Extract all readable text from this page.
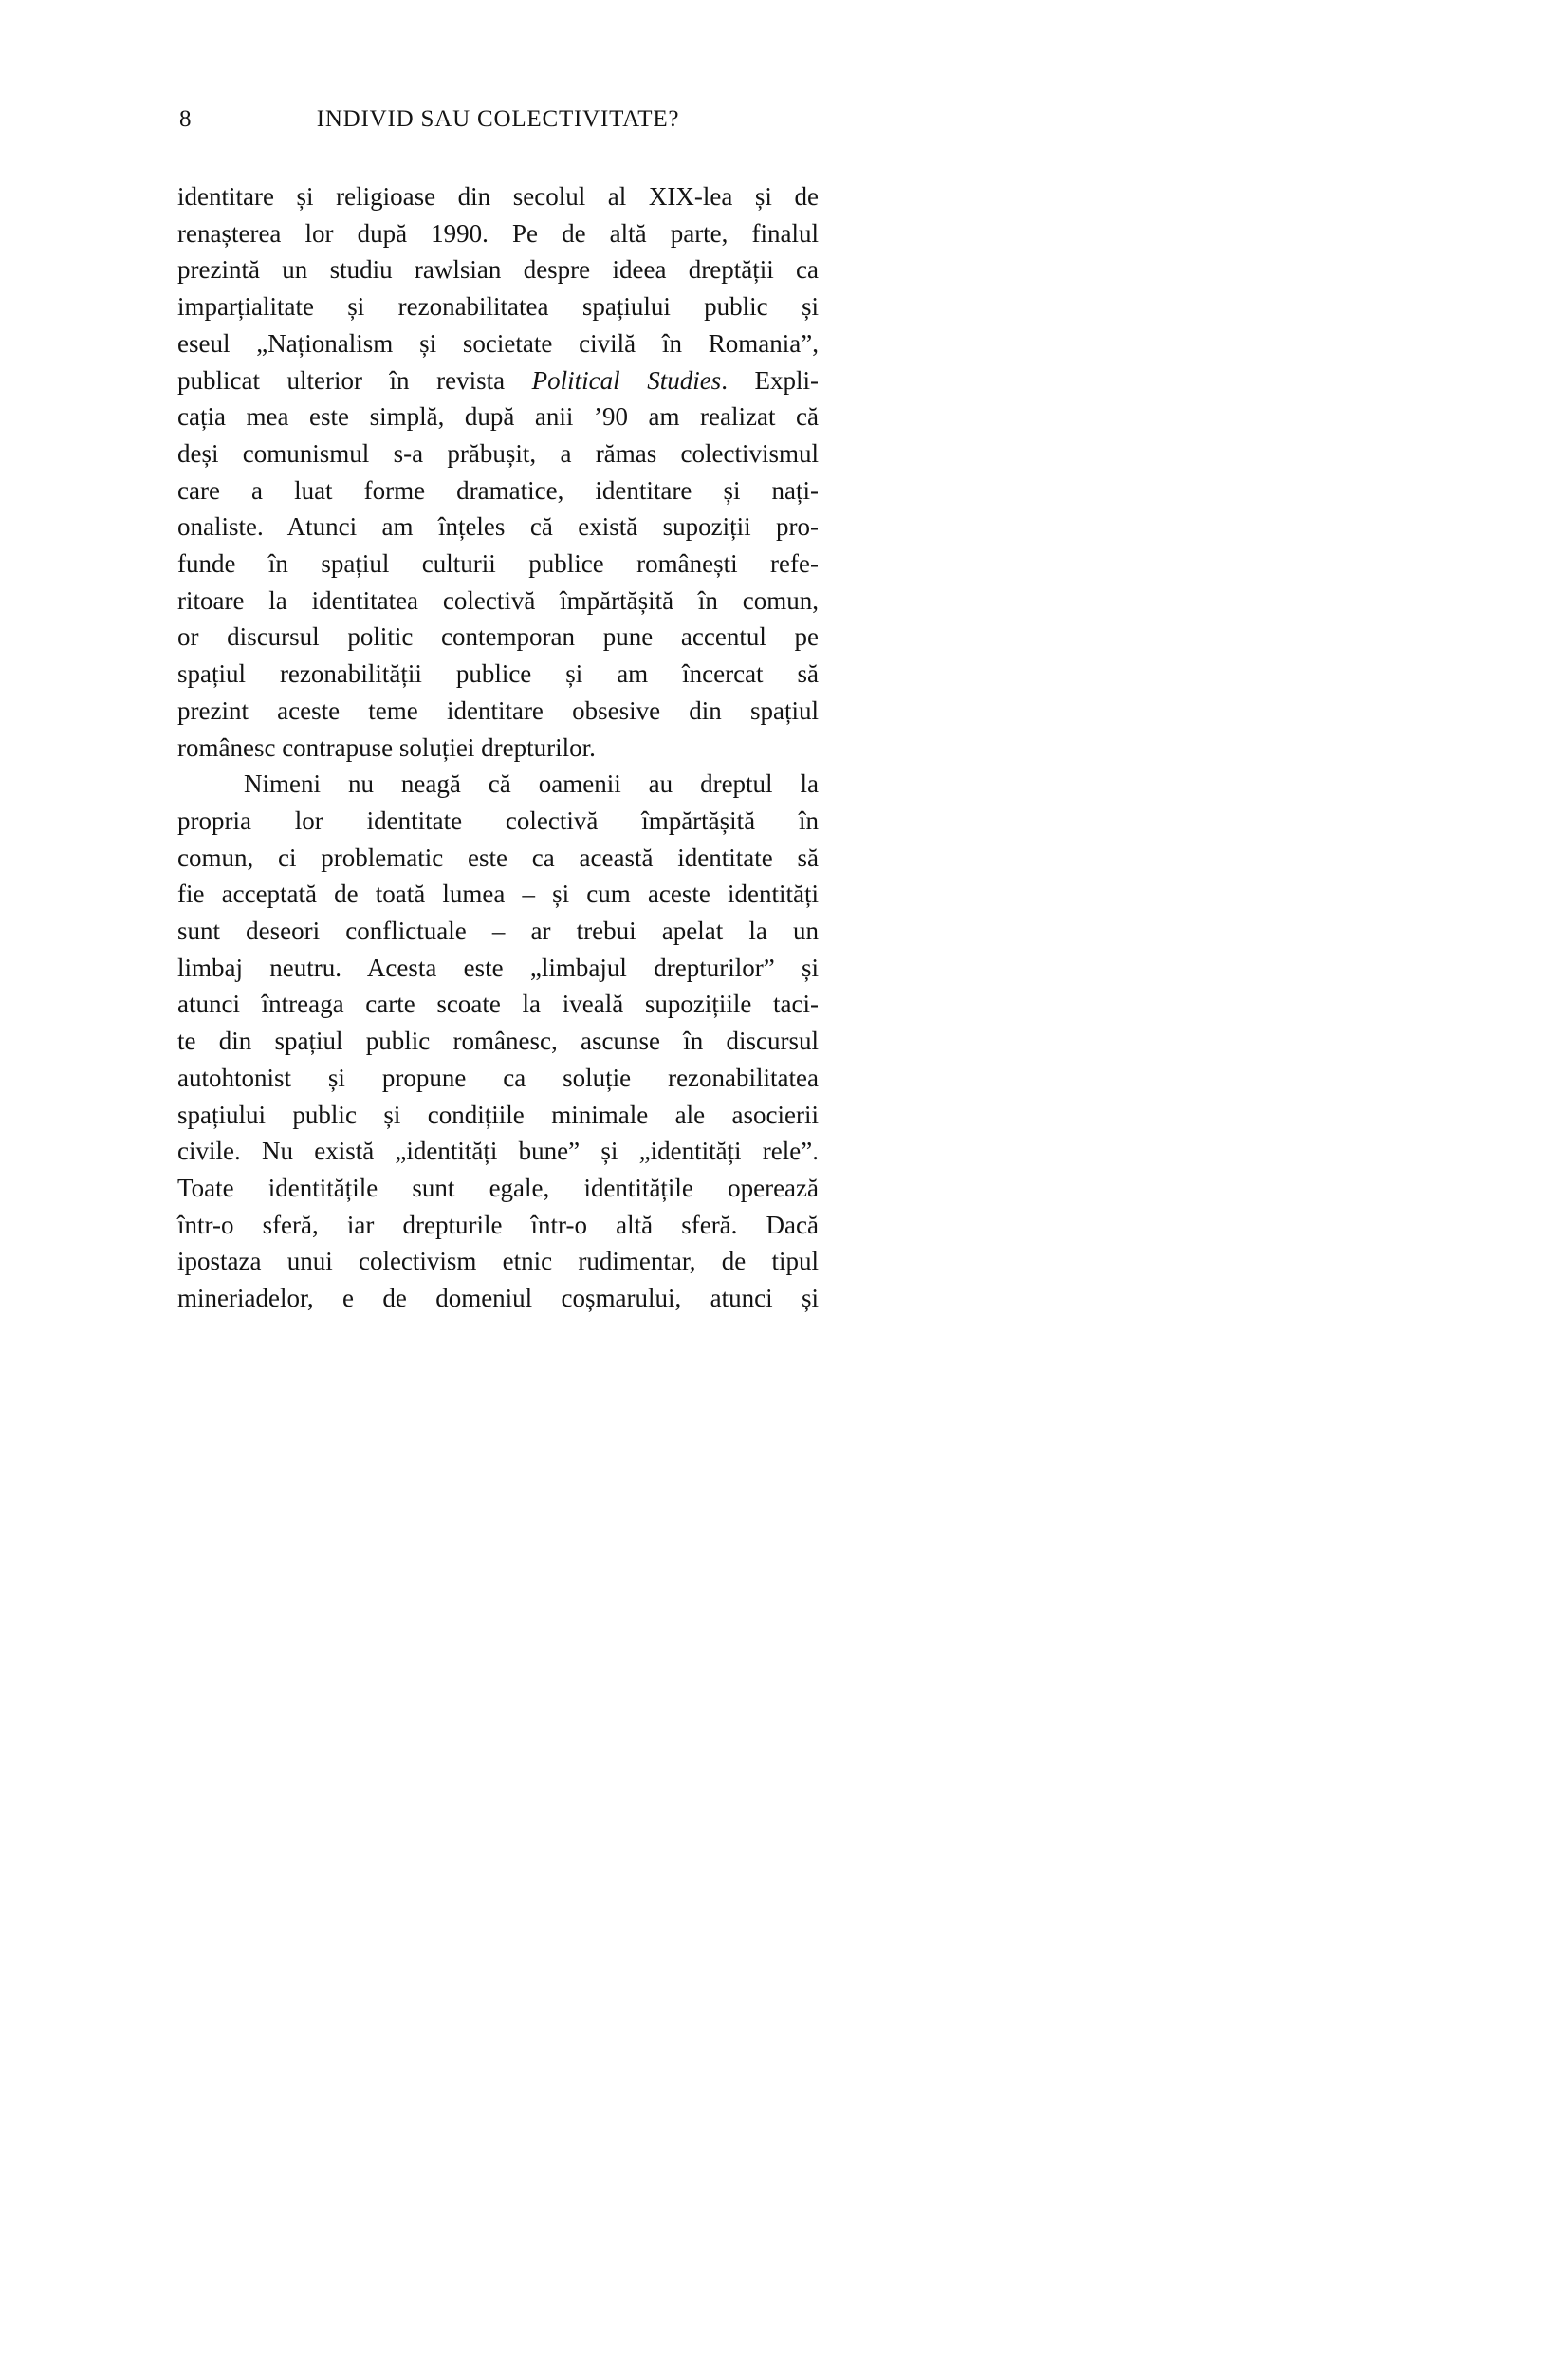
8	INDIVID SAU COLECTIVITATE?
identitare și religioase din secolul al XIX-lea și de
renașterea lor după 1990. Pe de altă parte, finalul
prezintă un studiu rawlsian despre ideea dreptății ca
imparțialitate și rezonabilitatea spațiului public și
eseul „Naționalism și societate civilă în Romania”,
publicat ulterior în revista Political Studies. Expli-
cația mea este simplă, după anii ’90 am realizat că
deși comunismul s-a prăbușit, a rămas colectivismul
care a luat forme dramatice, identitare și nați-
onaliste. Atunci am înțeles că există supoziții pro-
funde în spațiul culturii publice românești refe-
ritoare la identitatea colectivă împărtășită în comun,
or discursul politic contemporan pune accentul pe
spațiul rezonabilității publice și am încercat să
prezint aceste teme identitare obsesive din spațiul
românesc contrapuse soluției drepturilor.
Nimeni nu neagă că oamenii au dreptul la
propria lor identitate colectivă împărtășită în
comun, ci problematic este ca această identitate să
fie acceptată de toată lumea – și cum aceste identități
sunt deseori conflictuale – ar trebui apelat la un
limbaj neutru. Acesta este „limbajul drepturilor” și
atunci întreaga carte scoate la iveală supozițiile taci-
te din spațiul public românesc, ascunse în discursul
autohtonist și propune ca soluție rezonabilitatea
spațiului public și condițiile minimale ale asocierii
civile. Nu există „identități bune” și „identități rele”.
Toate identitățile sunt egale, identitățile operează
într-o sferă, iar drepturile într-o altă sferă. Dacă
ipostaza unui colectivism etnic rudimentar, de tipul
mineriadelor, e de domeniul coșmarului, atunci și
